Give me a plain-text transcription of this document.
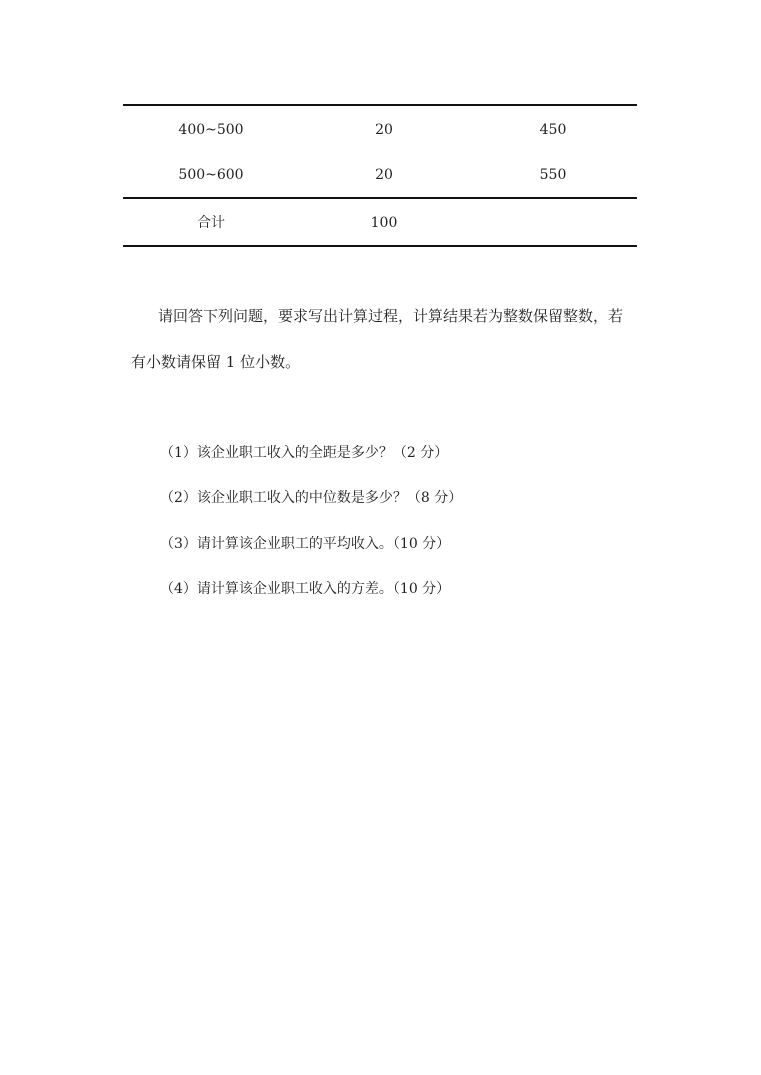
400~500	20	450
500~600	20	550
合计	100
请回答下列问题，要求写出计算过程，计算结果若为整数保留整数，若
有小数请保留 1 位小数。
（1）该企业职工收入的全距是多少？（2 分）
（2）该企业职工收入的中位数是多少？（8 分）
（3）请计算该企业职工的平均收入。（10 分）
（4）请计算该企业职工收入的方差。（10 分）
